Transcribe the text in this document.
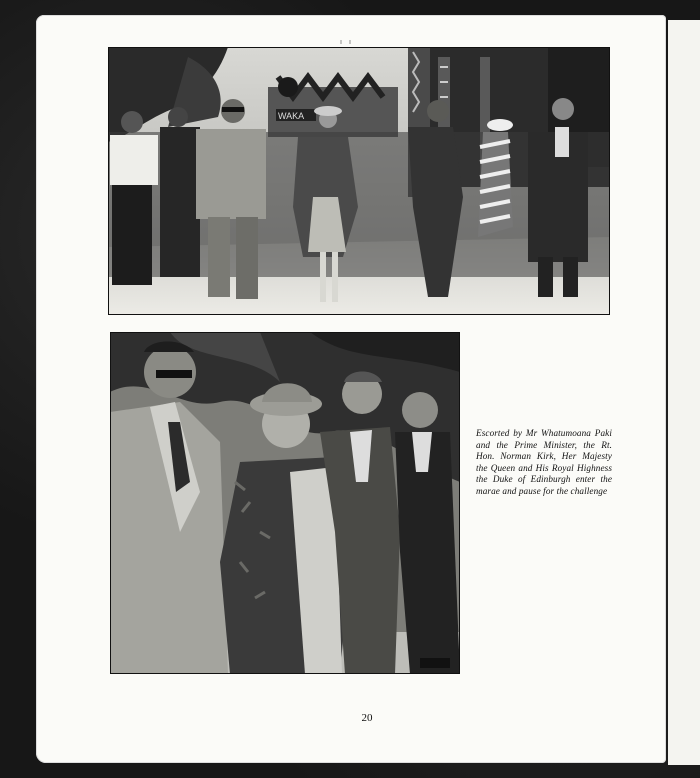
WAKA
Escorted by Mr Whatumoana Paki and the Prime Minister, the Rt. Hon. Norman Kirk, Her Majesty the Queen and His Royal Highness the Duke of Edinburgh enter the marae and pause for the challenge
20
